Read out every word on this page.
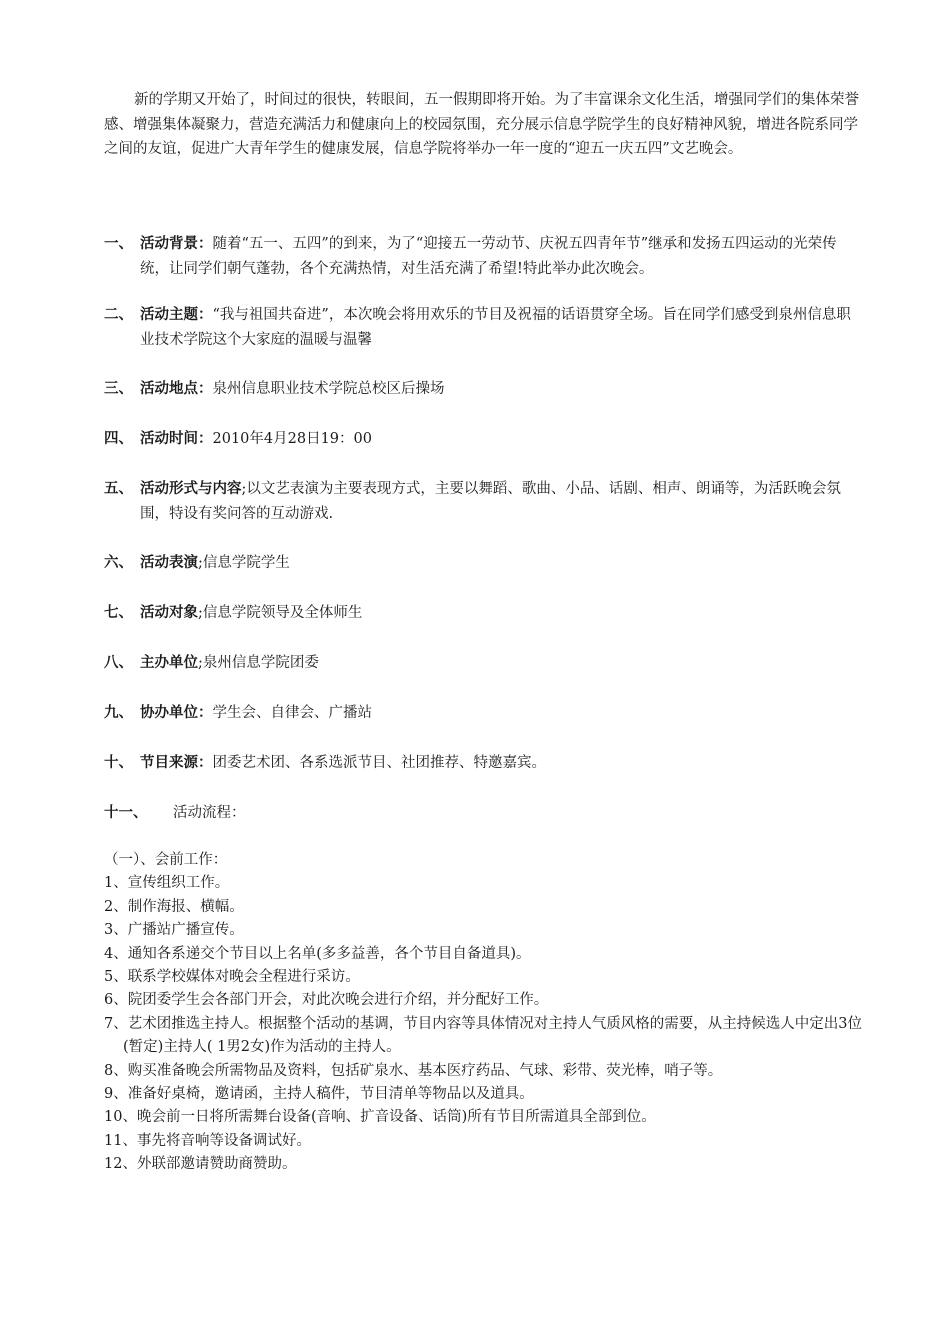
新的学期又开始了，时间过的很快，转眼间，五一假期即将开始。为了丰富课余文化生活，增强同学们的集体荣誉感、增强集体凝聚力，营造充满活力和健康向上的校园氛围，充分展示信息学院学生的良好精神风貌，增进各院系同学之间的友谊，促进广大青年学生的健康发展，信息学院将举办一年一度的“迎五一庆五四”文艺晚会。

一、 活动背景：随着“五一、五四”的到来，为了“迎接五一劳动节、庆祝五四青年节”继承和发扬五四运动的光荣传统，让同学们朝气蓬勃，各个充满热情，对生活充满了希望!特此举办此次晚会。
二、 活动主题：“我与祖国共奋进”，本次晚会将用欢乐的节目及祝福的话语贯穿全场。旨在同学们感受到泉州信息职业技术学院这个大家庭的温暖与温馨
三、 活动地点：泉州信息职业技术学院总校区后操场
四、 活动时间：2010年4月28日19：00
五、 活动形式与内容;以文艺表演为主要表现方式，主要以舞蹈、歌曲、小品、话剧、相声、朗诵等，为活跃晚会氛围，特设有奖问答的互动游戏.
六、 活动表演;信息学院学生
七、 活动对象;信息学院领导及全体师生
八、 主办单位;泉州信息学院团委
九、 协办单位：学生会、自律会、广播站
十、 节目来源：团委艺术团、各系选派节目、社团推荐、特邀嘉宾。
十一、 活动流程：
（一）、会前工作：
1、宣传组织工作。
2、制作海报、横幅。
3、广播站广播宣传。
4、通知各系递交个节目以上名单(多多益善，各个节目自备道具)。
5、联系学校媒体对晚会全程进行采访。
6、院团委学生会各部门开会，对此次晚会进行介绍，并分配好工作。
7、艺术团推选主持人。根据整个活动的基调，节目内容等具体情况对主持人气质风格的需要，从主持候选人中定出3位(暂定)主持人( 1男2女)作为活动的主持人。
8、购买准备晚会所需物品及资料，包括矿泉水、基本医疗药品、气球、彩带、荧光棒，哨子等。
9、准备好桌椅，邀请函，主持人稿件，节目清单等物品以及道具。
10、晚会前一日将所需舞台设备(音响、扩音设备、话筒)所有节目所需道具全部到位。
11、事先将音响等设备调试好。
12、外联部邀请赞助商赞助。
